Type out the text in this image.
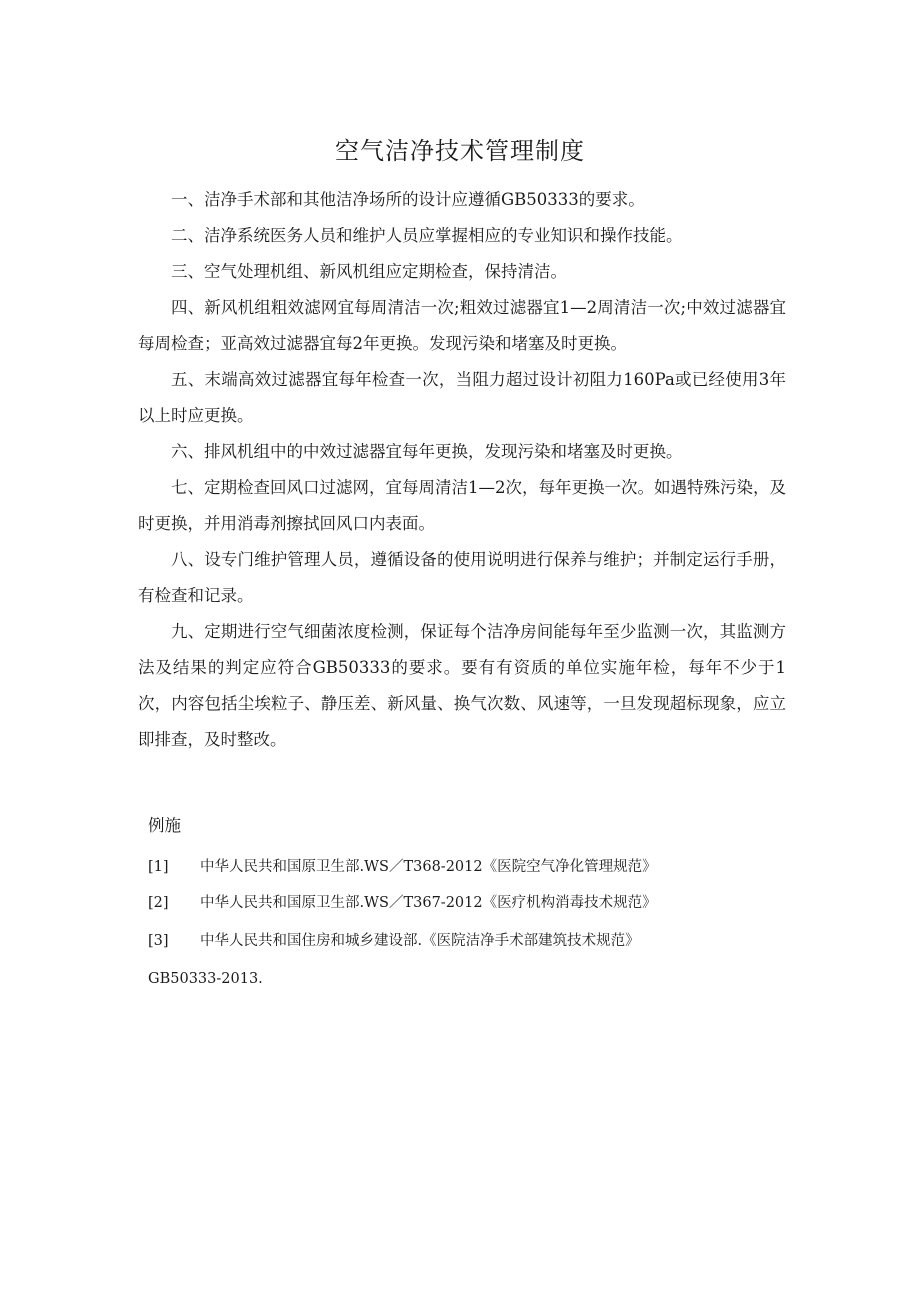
空气洁净技术管理制度

一、洁净手术部和其他洁净场所的设计应遵循GB50333的要求。

二、洁净系统医务人员和维护人员应掌握相应的专业知识和操作技能。

三、空气处理机组、新风机组应定期检查，保持清洁。

四、新风机组粗效滤网宜每周清洁一次;粗效过滤器宜1—2周清洁一次;中效过滤器宜每周检查；亚高效过滤器宜每2年更换。发现污染和堵塞及时更换。

五、末端高效过滤器宜每年检查一次，当阻力超过设计初阻力160Pa或已经使用3年以上时应更换。

六、排风机组中的中效过滤器宜每年更换，发现污染和堵塞及时更换。

七、定期检查回风口过滤网，宜每周清洁1—2次，每年更换一次。如遇特殊污染，及时更换，并用消毒剂擦拭回风口内表面。

八、设专门维护管理人员，遵循设备的使用说明进行保养与维护；并制定运行手册，有检查和记录。

九、定期进行空气细菌浓度检测，保证每个洁净房间能每年至少监测一次，其监测方法及结果的判定应符合GB50333的要求。要有有资质的单位实施年检，每年不少于1次，内容包括尘埃粒子、静压差、新风量、换气次数、风速等，一旦发现超标现象，应立即排查，及时整改。

例施
[1] 中华人民共和国原卫生部.WS／T368-2012《医院空气净化管理规范》
[2] 中华人民共和国原卫生部.WS／T367-2012《医疗机构消毒技术规范》
[3] 中华人民共和国住房和城乡建设部.《医院洁净手术部建筑技术规范》
GB50333-2013.
